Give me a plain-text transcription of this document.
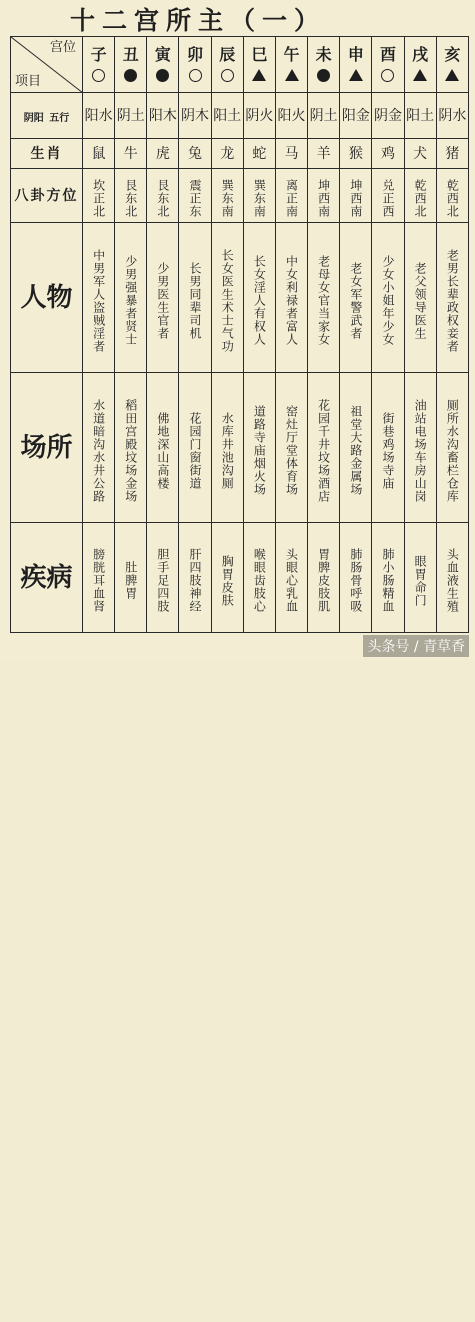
十二宫所主（一）
宫位
项目	子	丑	寅	卯	辰	巳	午	未	申	酉	戌	亥

阴阳 五行	阳水	阴土	阳木	阴木	阳土	阴火	阳火	阴土	阳金	阴金	阳土	阴水
生肖	鼠	牛	虎	兔	龙	蛇	马	羊	猴	鸡	犬	猪
八卦方位	坎正北	艮东北	艮东北	震正东	巽东南	巽东南	离正南	坤西南	坤西南	兑正西	乾西北	乾西北
人物	中男军人盗贼淫者	少男强暴者贤士	少男医生官者	长男同辈司机	长女医生术士气功	长女淫人有权人	中女利禄者富人	老母女官当家女	老女军警武者	少女小姐年少女	老父领导医生	老男长辈政权妾者
场所	水道暗沟水井公路	稻田宫殿坟场金场	佛地深山高楼	花园门窗街道	水库井池沟厕	道路寺庙烟火场	窑灶厅堂体育场	花园千井坟场酒店	祖堂大路金属场	街巷鸡场寺庙	油站电场车房山岗	厕所水沟畜栏仓库
疾病	膀胱耳血肾	肚脾胃	胆手足四肢	肝四肢神经	胸胃皮肤	喉眼齿肢心	头眼心乳血	胃脾皮肢肌	肺肠骨呼吸	肺小肠精血	眼胃命门	头血液生殖
头条号 / 青草香
